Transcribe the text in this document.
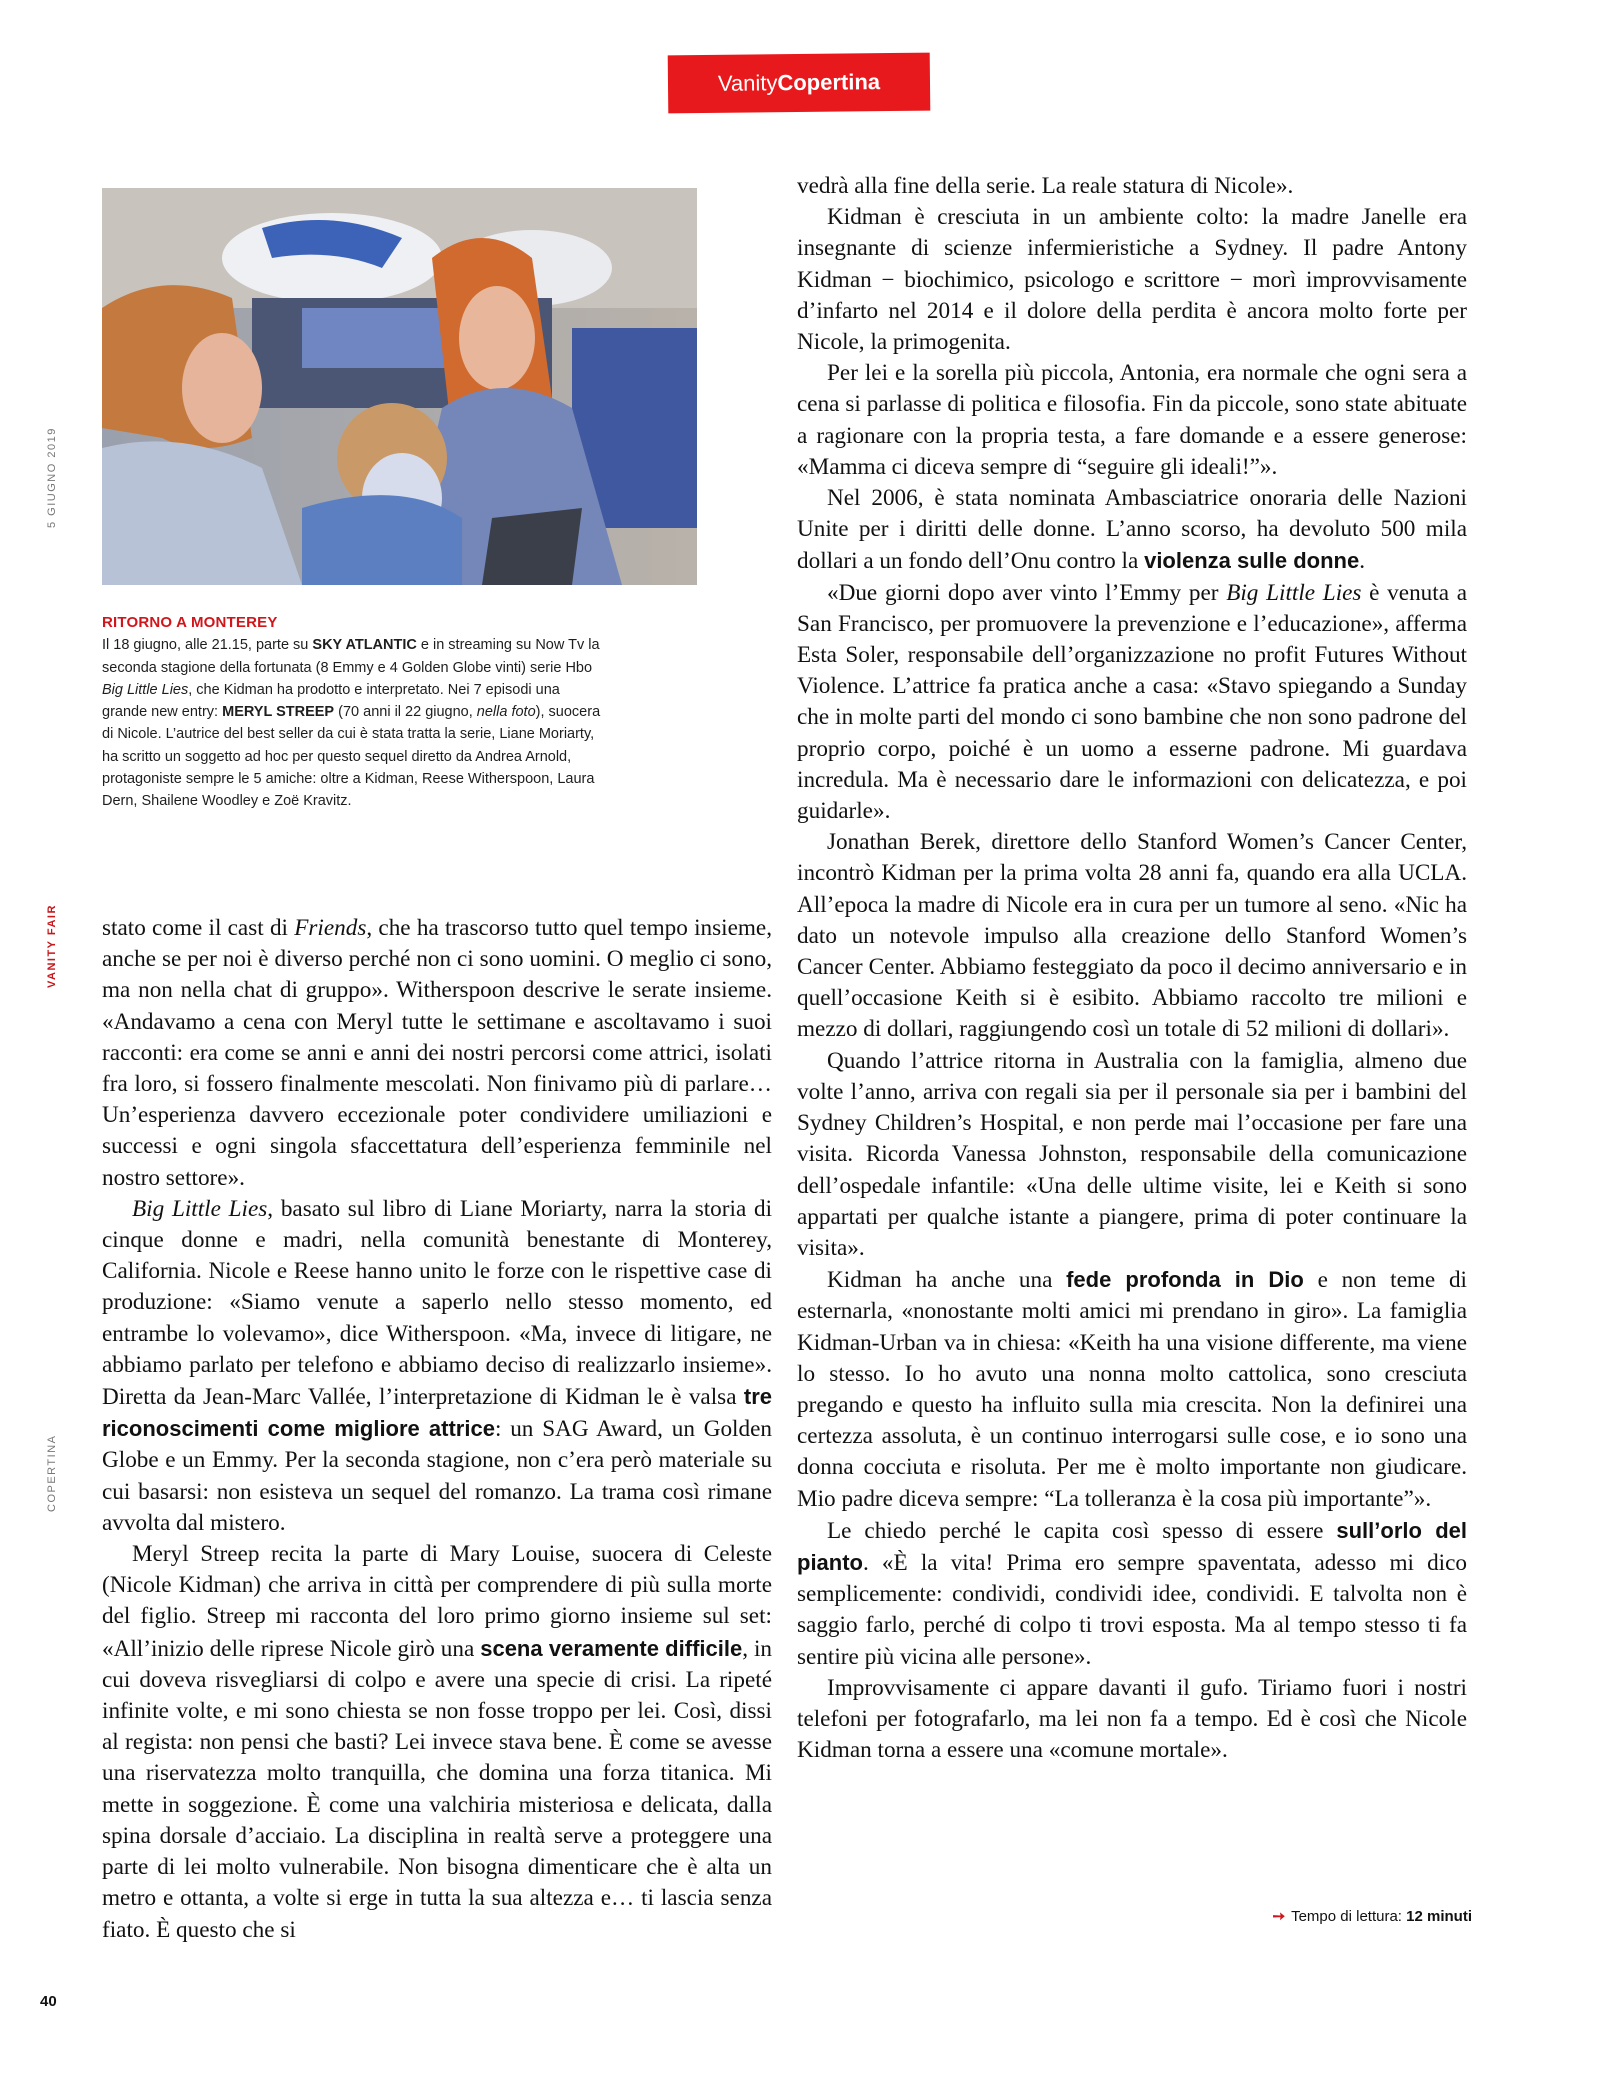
Vanity Copertina
5 GIUGNO 2019
VANITY FAIR
COPERTINA

RITORNO A MONTEREY

Il 18 giugno, alle 21.15, parte su SKY ATLANTIC e in streaming su Now Tv la seconda stagione della fortunata (8 Emmy e 4 Golden Globe vinti) serie Hbo Big Little Lies, che Kidman ha prodotto e interpretato. Nei 7 episodi una grande new entry: MERYL STREEP (70 anni il 22 giugno, nella foto), suocera di Nicole. L’autrice del best seller da cui è stata tratta la serie, Liane Moriarty, ha scritto un soggetto ad hoc per questo sequel diretto da Andrea Arnold, protagoniste sempre le 5 amiche: oltre a Kidman, Reese Witherspoon, Laura Dern, Shailene Woodley e Zoë Kravitz.

stato come il cast di Friends, che ha trascorso tutto quel tempo insieme, anche se per noi è diverso perché non ci sono uomini. O meglio ci sono, ma non nella chat di gruppo». Witherspoon descrive le serate insieme. «Andavamo a cena con Meryl tutte le settimane e ascoltavamo i suoi racconti: era come se anni e anni dei nostri percorsi come attrici, isolati fra loro, si fossero finalmente mescolati. Non finivamo più di parlare… Un’esperienza davvero eccezionale poter condividere umiliazioni e successi e ogni singola sfaccettatura dell’esperienza femminile nel nostro settore».

Big Little Lies, basato sul libro di Liane Moriarty, narra la storia di cinque donne e madri, nella comunità benestante di Monterey, California. Nicole e Reese hanno unito le forze con le rispettive case di produzione: «Siamo venute a saperlo nello stesso momento, ed entrambe lo volevamo», dice Witherspoon. «Ma, invece di litigare, ne abbiamo parlato per telefono e abbiamo deciso di realizzarlo insieme». Diretta da Jean-Marc Vallée, l’interpretazione di Kidman le è valsa tre riconoscimenti come migliore attrice: un SAG Award, un Golden Globe e un Emmy. Per la seconda stagione, non c’era però materiale su cui basarsi: non esisteva un sequel del romanzo. La trama così rimane avvolta dal mistero.

Meryl Streep recita la parte di Mary Louise, suocera di Celeste (Nicole Kidman) che arriva in città per comprendere di più sulla morte del figlio. Streep mi racconta del loro primo giorno insieme sul set: «All’inizio delle riprese Nicole girò una scena veramente difficile, in cui doveva risvegliarsi di colpo e avere una specie di crisi. La ripeté infinite volte, e mi sono chiesta se non fosse troppo per lei. Così, dissi al regista: non pensi che basti? Lei invece stava bene. È come se avesse una riservatezza molto tranquilla, che domina una forza titanica. Mi mette in soggezione. È come una valchiria misteriosa e delicata, dalla spina dorsale d’acciaio. La disciplina in realtà serve a proteggere una parte di lei molto vulnerabile. Non bisogna dimenticare che è alta un metro e ottanta, a volte si erge in tutta la sua altezza e… ti lascia senza fiato. È questo che si

vedrà alla fine della serie. La reale statura di Nicole».

Kidman è cresciuta in un ambiente colto: la madre Janelle era insegnante di scienze infermieristiche a Sydney. Il padre Antony Kidman − biochimico, psicologo e scrittore − morì improvvisamente d’infarto nel 2014 e il dolore della perdita è ancora molto forte per Nicole, la primogenita.

Per lei e la sorella più piccola, Antonia, era normale che ogni sera a cena si parlasse di politica e filosofia. Fin da piccole, sono state abituate a ragionare con la propria testa, a fare domande e a essere generose: «Mamma ci diceva sempre di “seguire gli ideali!”».

Nel 2006, è stata nominata Ambasciatrice onoraria delle Nazioni Unite per i diritti delle donne. L’anno scorso, ha devoluto 500 mila dollari a un fondo dell’Onu contro la violenza sulle donne.

«Due giorni dopo aver vinto l’Emmy per Big Little Lies è venuta a San Francisco, per promuovere la prevenzione e l’educazione», afferma Esta Soler, responsabile dell’organizzazione no profit Futures Without Violence. L’attrice fa pratica anche a casa: «Stavo spiegando a Sunday che in molte parti del mondo ci sono bambine che non sono padrone del proprio corpo, poiché è un uomo a esserne padrone. Mi guardava incredula. Ma è necessario dare le informazioni con delicatezza, e poi guidarle».

Jonathan Berek, direttore dello Stanford Women’s Cancer Center, incontrò Kidman per la prima volta 28 anni fa, quando era alla UCLA. All’epoca la madre di Nicole era in cura per un tumore al seno. «Nic ha dato un notevole impulso alla creazione dello Stanford Women’s Cancer Center. Abbiamo festeggiato da poco il decimo anniversario e in quell’occasione Keith si è esibito. Abbiamo raccolto tre milioni e mezzo di dollari, raggiungendo così un totale di 52 milioni di dollari».

Quando l’attrice ritorna in Australia con la famiglia, almeno due volte l’anno, arriva con regali sia per il personale sia per i bambini del Sydney Children’s Hospital, e non perde mai l’occasione per fare una visita. Ricorda Vanessa Johnston, responsabile della comunicazione dell’ospedale infantile: «Una delle ultime visite, lei e Keith si sono appartati per qualche istante a piangere, prima di poter continuare la visita».

Kidman ha anche una fede profonda in Dio e non teme di esternarla, «nonostante molti amici mi prendano in giro». La famiglia Kidman-Urban va in chiesa: «Keith ha una visione differente, ma viene lo stesso. Io ho avuto una nonna molto cattolica, sono cresciuta pregando e questo ha influito sulla mia crescita. Non la definirei una certezza assoluta, è un continuo interrogarsi sulle cose, e io sono una donna cocciuta e risoluta. Per me è molto importante non giudicare. Mio padre diceva sempre: “La tolleranza è la cosa più importante”».

Le chiedo perché le capita così spesso di essere sull’orlo del pianto. «È la vita! Prima ero sempre spaventata, adesso mi dico semplicemente: condividi, condividi idee, condividi. E talvolta non è saggio farlo, perché di colpo ti trovi esposta. Ma al tempo stesso ti fa sentire più vicina alle persone».

Improvvisamente ci appare davanti il gufo. Tiriamo fuori i nostri telefoni per fotografarlo, ma lei non fa a tempo. Ed è così che Nicole Kidman torna a essere una «comune mortale».

➙ Tempo di lettura: 12 minuti
40
